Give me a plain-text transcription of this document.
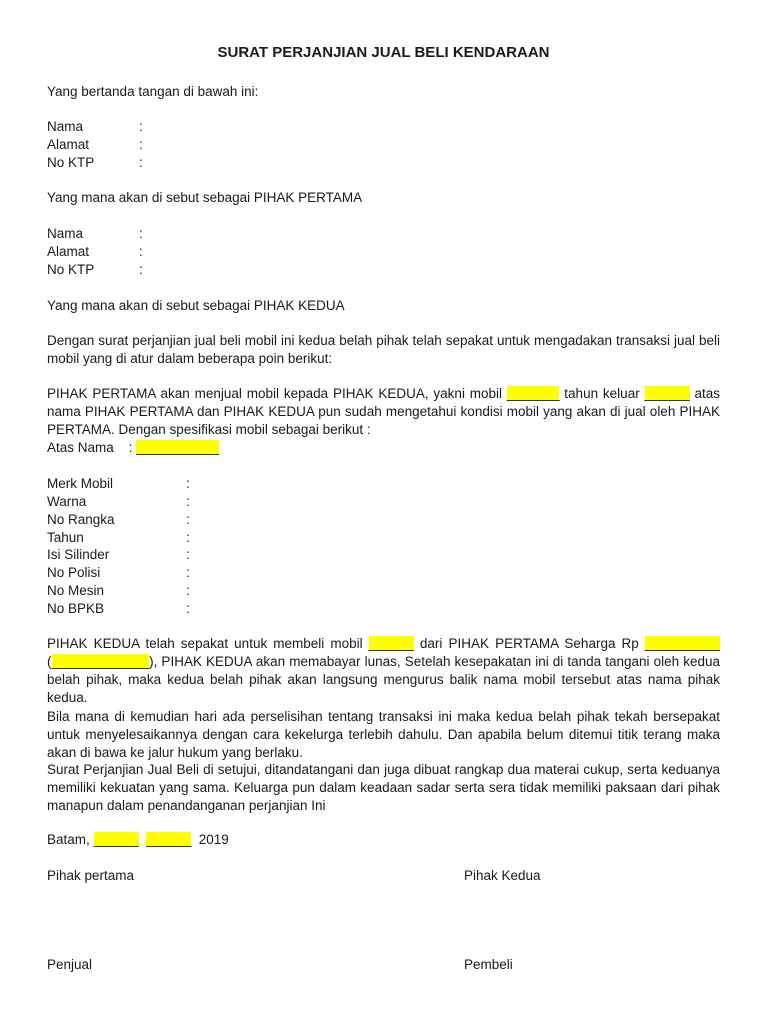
SURAT PERJANJIAN JUAL BELI KENDARAAN
Yang bertanda tangan di bawah ini:
Nama	:
Alamat	:
No KTP	:
Yang mana akan di sebut sebagai PIHAK PERTAMA
Nama	:
Alamat	:
No KTP	:
Yang mana akan di sebut sebagai PIHAK KEDUA
Dengan surat perjanjian jual beli mobil ini kedua belah pihak telah sepakat untuk mengadakan transaksi jual beli mobil yang di atur dalam beberapa poin berikut:
PIHAK PERTAMA akan menjual mobil kepada PIHAK KEDUA, yakni mobil _______ tahun keluar ______ atas nama PIHAK PERTAMA dan PIHAK KEDUA pun sudah mengetahui kondisi mobil yang akan di jual oleh PIHAK PERTAMA. Dengan spesifikasi mobil sebagai berikut :
Atas Nama : ___________
Merk Mobil	:
Warna	:
No Rangka	:
Tahun	:
Isi Silinder	:
No Polisi	:
No Mesin	:
No BPKB	:
PIHAK KEDUA telah sepakat untuk membeli mobil ______ dari PIHAK PERTAMA Seharga Rp __________ (_____________), PIHAK KEDUA akan memabayar lunas, Setelah kesepakatan ini di tanda tangani oleh kedua belah pihak, maka kedua belah pihak akan langsung mengurus balik nama mobil tersebut atas nama pihak kedua.
Bila mana di kemudian hari ada perselisihan tentang transaksi ini maka kedua belah pihak tekah bersepakat untuk menyelesaikannya dengan cara kekelurga terlebih dahulu. Dan apabila belum ditemui titik terang maka akan di bawa ke jalur hukum yang berlaku.
Surat Perjanjian Jual Beli di setujui, ditandatangani dan juga dibuat rangkap dua materai cukup, serta keduanya memiliki kekuatan yang sama. Keluarga pun dalam keadaan sadar serta sera tidak memiliki paksaan dari pihak manapun dalam penandanganan perjanjian Ini
Batam, ______ ______ 2019
Pihak pertama	Pihak Kedua
Penjual	Pembeli
